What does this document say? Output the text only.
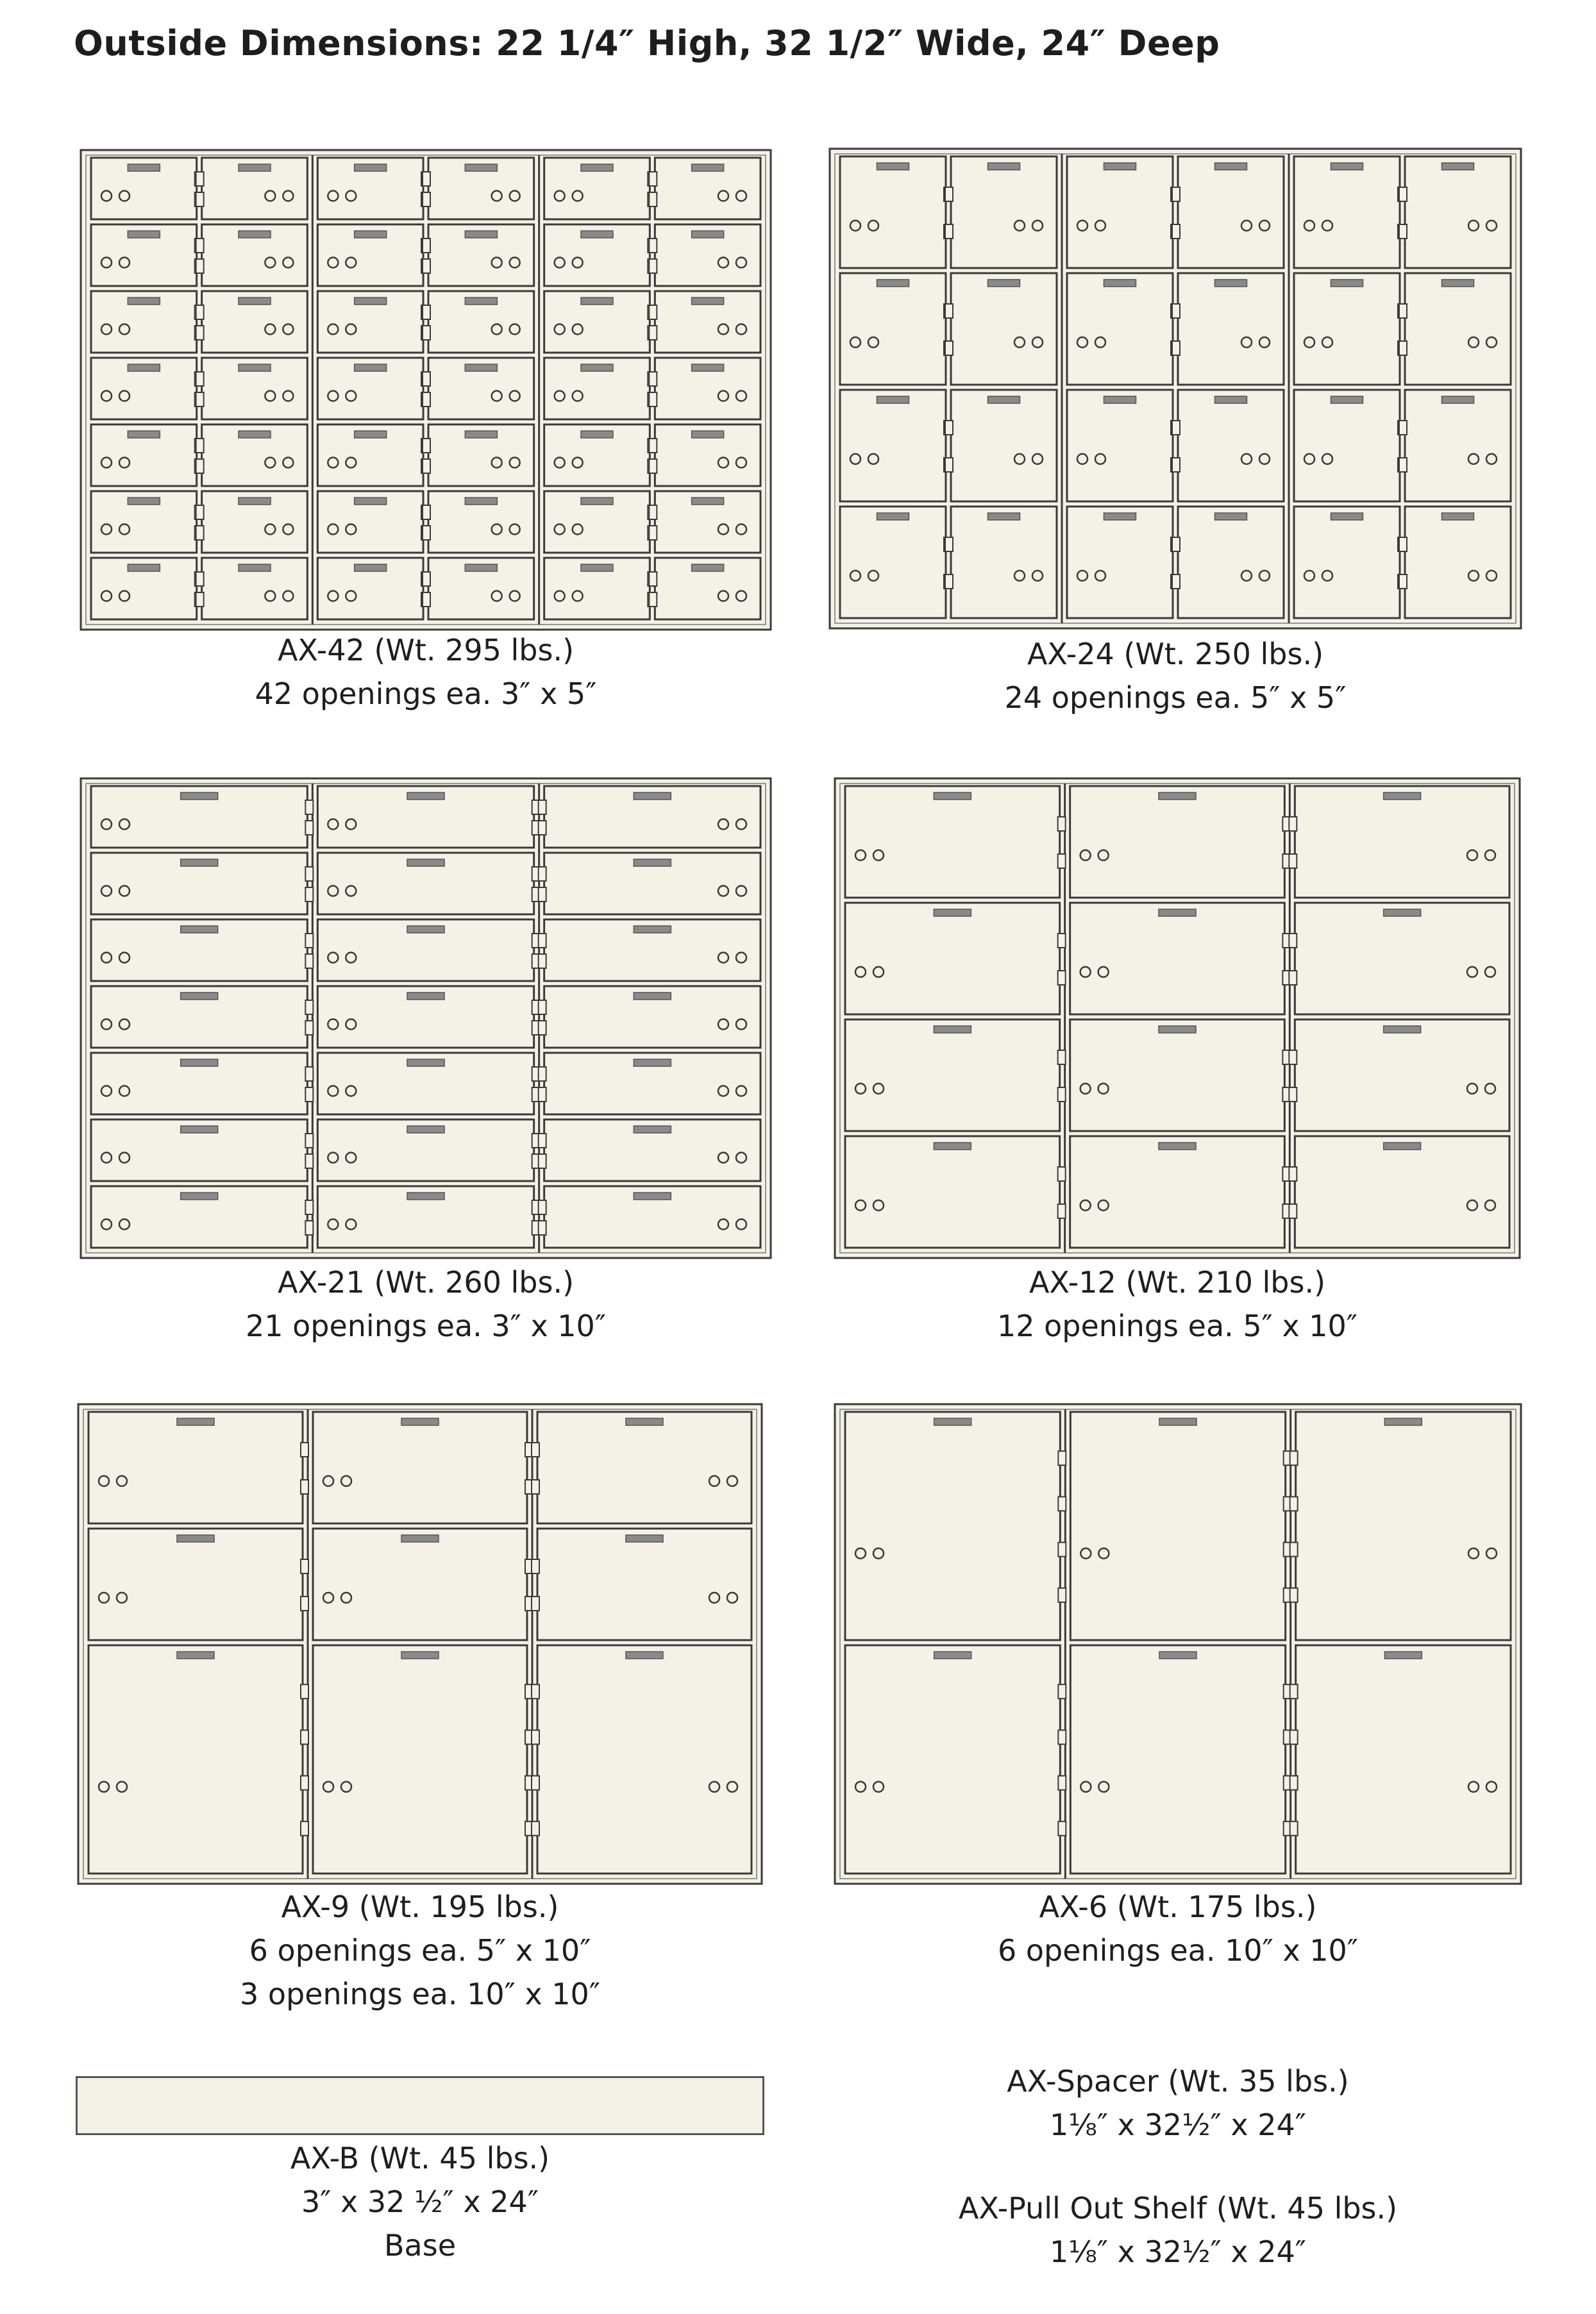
Outside Dimensions: 22 1/4″ High, 32 1/2″ Wide, 24″ Deep
AX-42 (Wt. 295 lbs.)
42 openings ea. 3″ x 5″
AX-24 (Wt. 250 lbs.)
24 openings ea. 5″ x 5″
AX-21 (Wt. 260 lbs.)
21 openings ea. 3″ x 10″
AX-12 (Wt. 210 lbs.)
12 openings ea. 5″ x 10″
AX-9 (Wt. 195 lbs.)
6 openings ea. 5″ x 10″
3 openings ea. 10″ x 10″
AX-6 (Wt. 175 lbs.)
6 openings ea. 10″ x 10″
AX-B (Wt. 45 lbs.)
3″ x 32 ½″ x 24″
Base
AX-Spacer (Wt. 35 lbs.)
1⅛″ x 32½″ x 24″
AX-Pull Out Shelf (Wt. 45 lbs.)
1⅛″ x 32½″ x 24″
